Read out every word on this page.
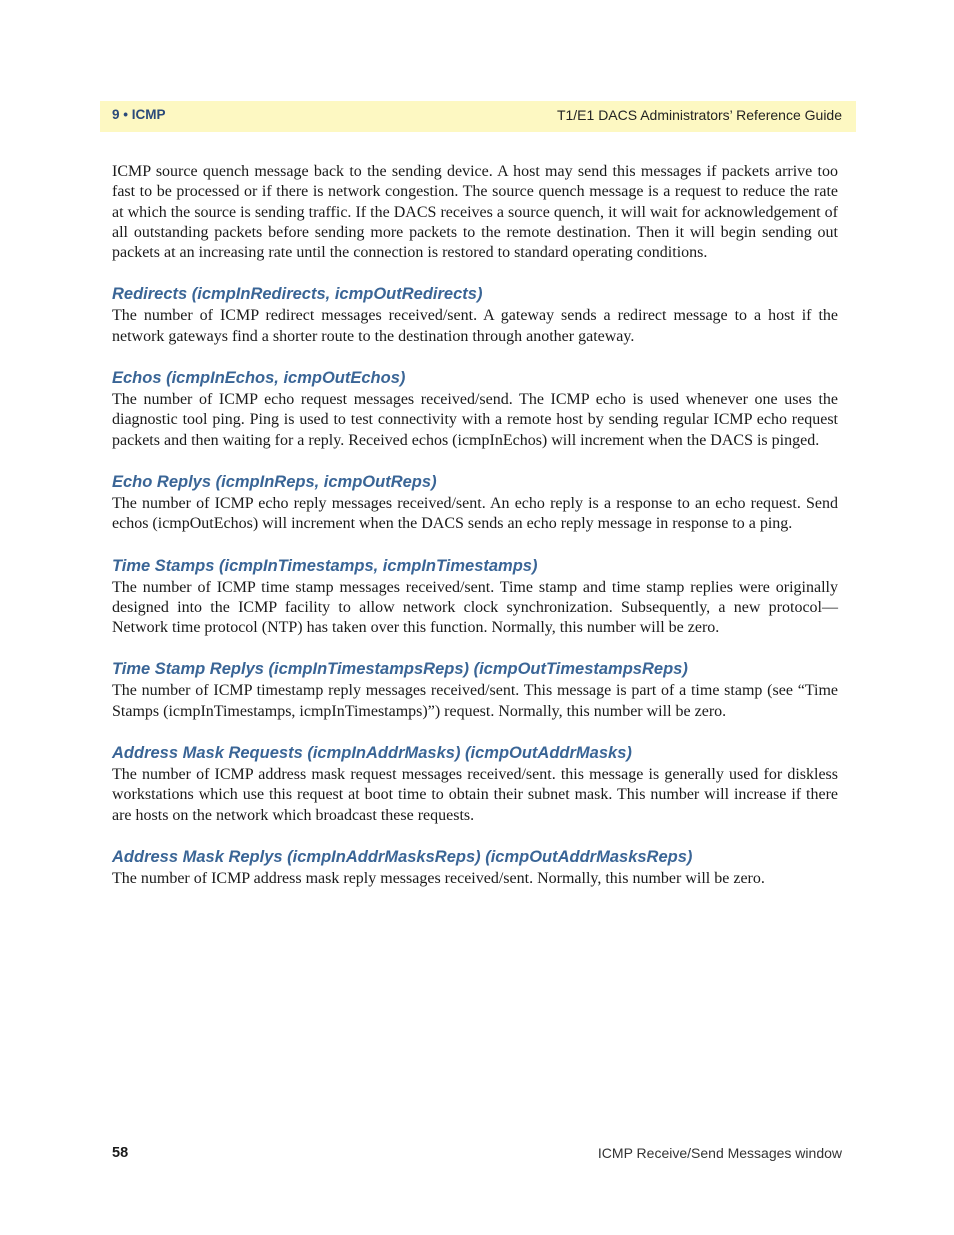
9 • ICMP	T1/E1 DACS Administrators’ Reference Guide

ICMP source quench message back to the sending device. A host may send this messages if packets arrive too fast to be processed or if there is network congestion. The source quench message is a request to reduce the rate at which the source is sending traffic. If the DACS receives a source quench, it will wait for acknowledgement of all outstanding packets before sending more packets to the remote destination. Then it will begin sending out packets at an increasing rate until the connection is restored to standard operating conditions.

Redirects (icmpInRedirects, icmpOutRedirects)

The number of ICMP redirect messages received/sent. A gateway sends a redirect message to a host if the network gateways find a shorter route to the destination through another gateway.

Echos (icmpInEchos, icmpOutEchos)

The number of ICMP echo request messages received/send. The ICMP echo is used whenever one uses the diagnostic tool ping. Ping is used to test connectivity with a remote host by sending regular ICMP echo request packets and then waiting for a reply. Received echos (icmpInEchos) will increment when the DACS is pinged.

Echo Replys (icmpInReps, icmpOutReps)

The number of ICMP echo reply messages received/sent. An echo reply is a response to an echo request. Send echos (icmpOutEchos) will increment when the DACS sends an echo reply message in response to a ping.

Time Stamps (icmpInTimestamps, icmpInTimestamps)

The number of ICMP time stamp messages received/sent. Time stamp and time stamp replies were originally designed into the ICMP facility to allow network clock synchronization. Subsequently, a new protocol—Network time protocol (NTP) has taken over this function. Normally, this number will be zero.

Time Stamp Replys (icmpInTimestampsReps) (icmpOutTimestampsReps)

The number of ICMP timestamp reply messages received/sent. This message is part of a time stamp (see “Time Stamps (icmpInTimestamps, icmpInTimestamps)”) request. Normally, this number will be zero.

Address Mask Requests (icmpInAddrMasks) (icmpOutAddrMasks)

The number of ICMP address mask request messages received/sent. this message is generally used for diskless workstations which use this request at boot time to obtain their subnet mask. This number will increase if there are hosts on the network which broadcast these requests.

Address Mask Replys (icmpInAddrMasksReps) (icmpOutAddrMasksReps)

The number of ICMP address mask reply messages received/sent. Normally, this number will be zero.

58	ICMP Receive/Send Messages window
